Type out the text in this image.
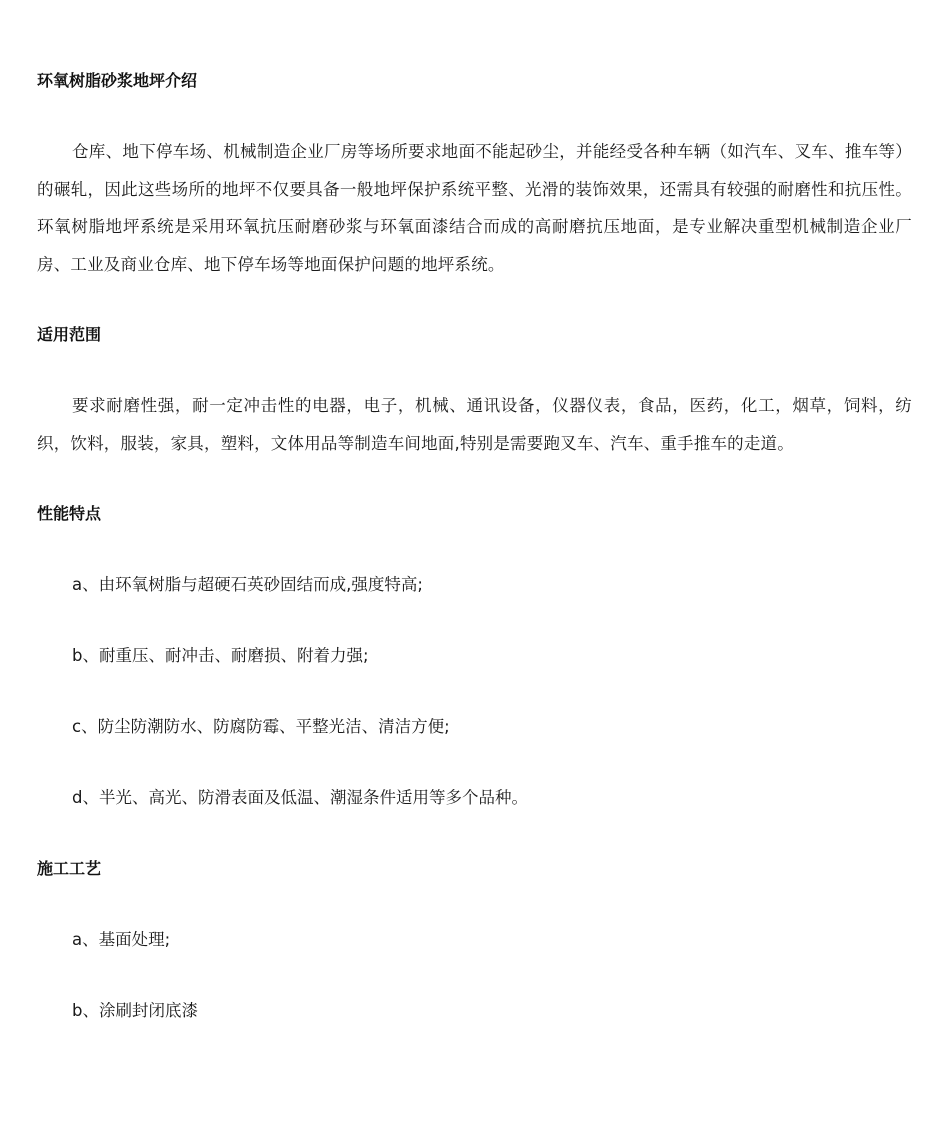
环氧树脂砂浆地坪介绍

仓库、地下停车场、机械制造企业厂房等场所要求地面不能起砂尘，并能经受各种车辆（如汽车、叉车、推车等）的碾轧，因此这些场所的地坪不仅要具备一般地坪保护系统平整、光滑的装饰效果，还需具有较强的耐磨性和抗压性。环氧树脂地坪系统是采用环氧抗压耐磨砂浆与环氧面漆结合而成的高耐磨抗压地面，是专业解决重型机械制造企业厂房、工业及商业仓库、地下停车场等地面保护问题的地坪系统。

适用范围

要求耐磨性强，耐一定冲击性的电器，电子，机械、通讯设备，仪器仪表，食品，医药，化工，烟草，饲料，纺织，饮料，服装，家具，塑料，文体用品等制造车间地面,特别是需要跑叉车、汽车、重手推车的走道。

性能特点

a、由环氧树脂与超硬石英砂固结而成,强度特高;

b、耐重压、耐冲击、耐磨损、附着力强;

c、防尘防潮防水、防腐防霉、平整光洁、清洁方便;

d、半光、高光、防滑表面及低温、潮湿条件适用等多个品种。

施工工艺

a、基面处理;

b、涂刷封闭底漆
